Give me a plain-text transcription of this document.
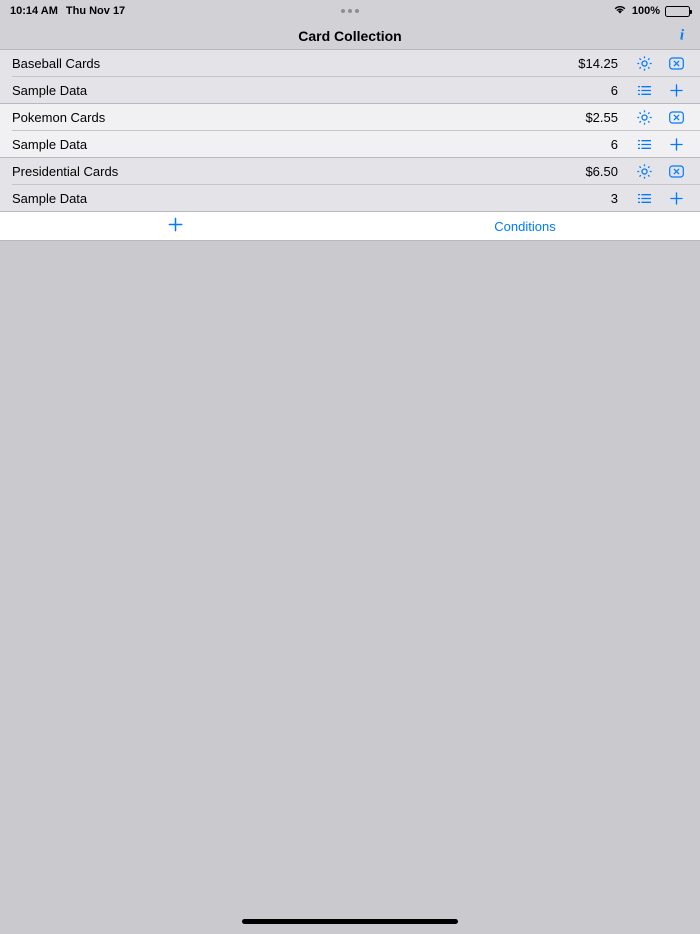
10:14 AM Thu Nov 17	100%
Card Collection	i
Baseball Cards	$14.25
Sample Data	6
Pokemon Cards	$2.55
Sample Data	6
Presidential Cards	$6.50
Sample Data	3
Conditions
